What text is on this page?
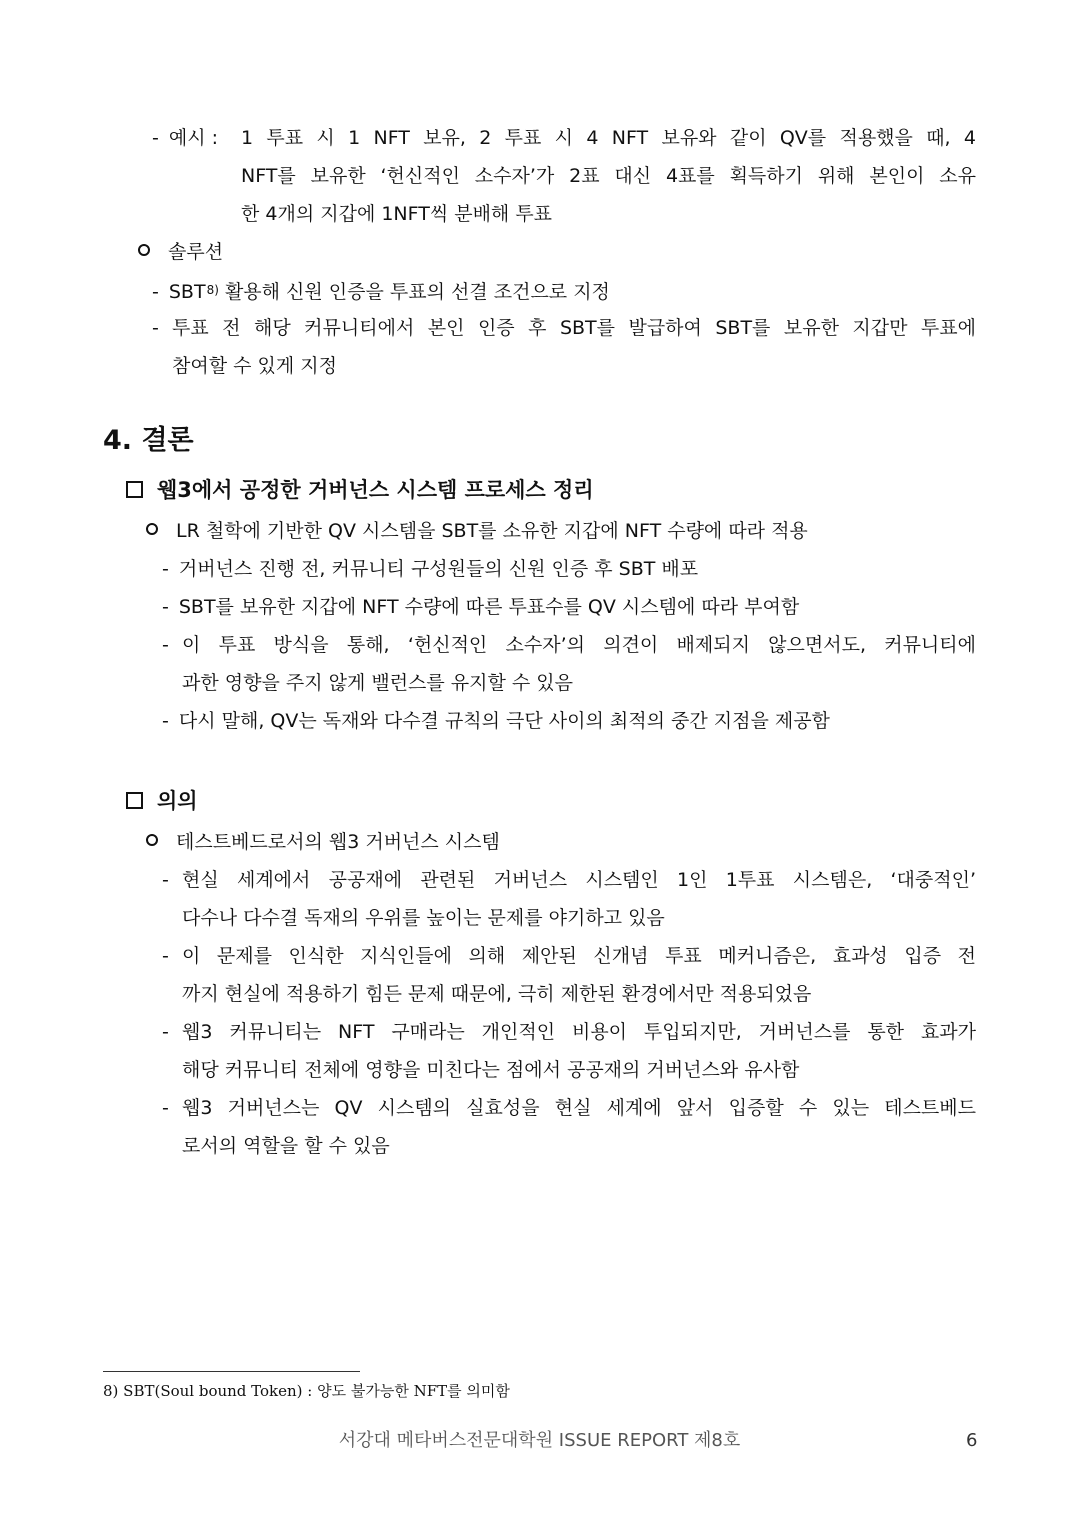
- 예시 : 1 투표 시 1 NFT 보유, 2 투표 시 4 NFT 보유와 같이 QV를 적용했을 때, 4
NFT를 보유한 ‘헌신적인 소수자’가 2표 대신 4표를 획득하기 위해 본인이 소유
한 4개의 지갑에 1NFT씩 분배해 투표
솔루션
- SBT$^{8)}$ 활용해 신원 인증을 투표의 선결 조건으로 지정
- 투표 전 해당 커뮤니티에서 본인 인증 후 SBT를 발급하여 SBT를 보유한 지갑만 투표에
참여할 수 있게 지정
4. 결론
웹3에서 공정한 거버넌스 시스템 프로세스 정리
LR 철학에 기반한 QV 시스템을 SBT를 소유한 지갑에 NFT 수량에 따라 적용
- 거버넌스 진행 전, 커뮤니티 구성원들의 신원 인증 후 SBT 배포
- SBT를 보유한 지갑에 NFT 수량에 따른 투표수를 QV 시스템에 따라 부여함
- 이 투표 방식을 통해, ‘헌신적인 소수자’의 의견이 배제되지 않으면서도, 커뮤니티에
과한 영향을 주지 않게 밸런스를 유지할 수 있음
- 다시 말해, QV는 독재와 다수결 규칙의 극단 사이의 최적의 중간 지점을 제공함
의의
테스트베드로서의 웹3 거버넌스 시스템
- 현실 세계에서 공공재에 관련된 거버넌스 시스템인 1인 1투표 시스템은, ‘대중적인’
다수나 다수결 독재의 우위를 높이는 문제를 야기하고 있음
- 이 문제를 인식한 지식인들에 의해 제안된 신개념 투표 메커니즘은, 효과성 입증 전
까지 현실에 적용하기 힘든 문제 때문에, 극히 제한된 환경에서만 적용되었음
- 웹3 커뮤니티는 NFT 구매라는 개인적인 비용이 투입되지만, 거버넌스를 통한 효과가
해당 커뮤니티 전체에 영향을 미친다는 점에서 공공재의 거버넌스와 유사함
- 웹3 거버넌스는 QV 시스템의 실효성을 현실 세계에 앞서 입증할 수 있는 테스트베드
로서의 역할을 할 수 있음
8) SBT(Soul bound Token) : 양도 불가능한 NFT를 의미함
서강대 메타버스전문대학원 ISSUE REPORT 제8호	6
